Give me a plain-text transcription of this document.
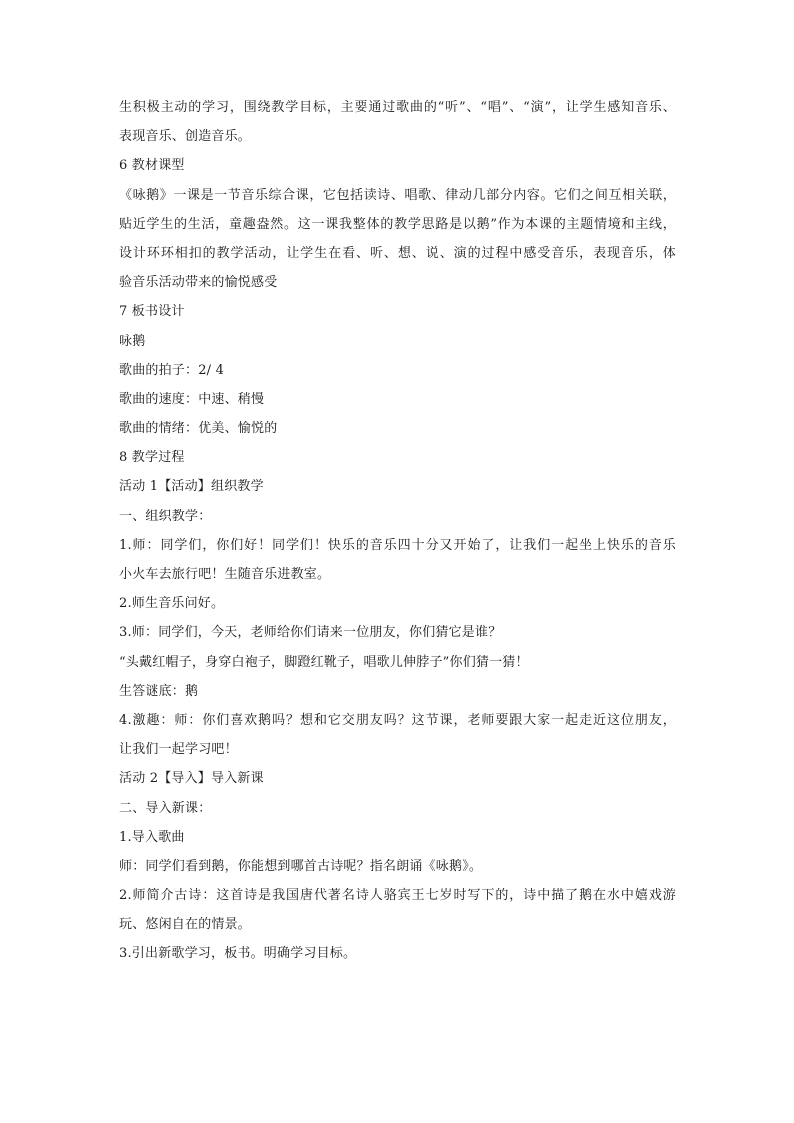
生积极主动的学习，围绕教学目标，主要通过歌曲的“听”、“唱”、“演”，让学生感知音乐、
表现音乐、创造音乐。
6 教材课型
《咏鹅》一课是一节音乐综合课，它包括读诗、唱歌、律动几部分内容。它们之间互相关联，
贴近学生的生活，童趣盎然。这一课我整体的教学思路是以鹅”作为本课的主题情境和主线，
设计环环相扣的教学活动，让学生在看、听、想、说、演的过程中感受音乐，表现音乐，体
验音乐活动带来的愉悦感受
7 板书设计
咏鹅
歌曲的拍子：2/ 4
歌曲的速度：中速、稍慢
歌曲的情绪：优美、愉悦的
8 教学过程
活动 1【活动】组织教学
一、组织教学：
1.师：同学们，你们好！同学们！快乐的音乐四十分又开始了，让我们一起坐上快乐的音乐
小火车去旅行吧！生随音乐进教室。
2.师生音乐问好。
3.师：同学们，今天，老师给你们请来一位朋友，你们猜它是谁？
“头戴红帽子，身穿白袍子，脚蹬红靴子，唱歌儿伸脖子”你们猜一猜！
生答谜底：鹅
4.激趣：师：你们喜欢鹅吗？想和它交朋友吗？这节课，老师要跟大家一起走近这位朋友，
让我们一起学习吧！
活动 2【导入】导入新课
二、导入新课：
1.导入歌曲
师：同学们看到鹅，你能想到哪首古诗呢？指名朗诵《咏鹅》。
2.师简介古诗：这首诗是我国唐代著名诗人骆宾王七岁时写下的，诗中描了鹅在水中嬉戏游
玩、悠闲自在的情景。
3.引出新歌学习，板书。明确学习目标。
